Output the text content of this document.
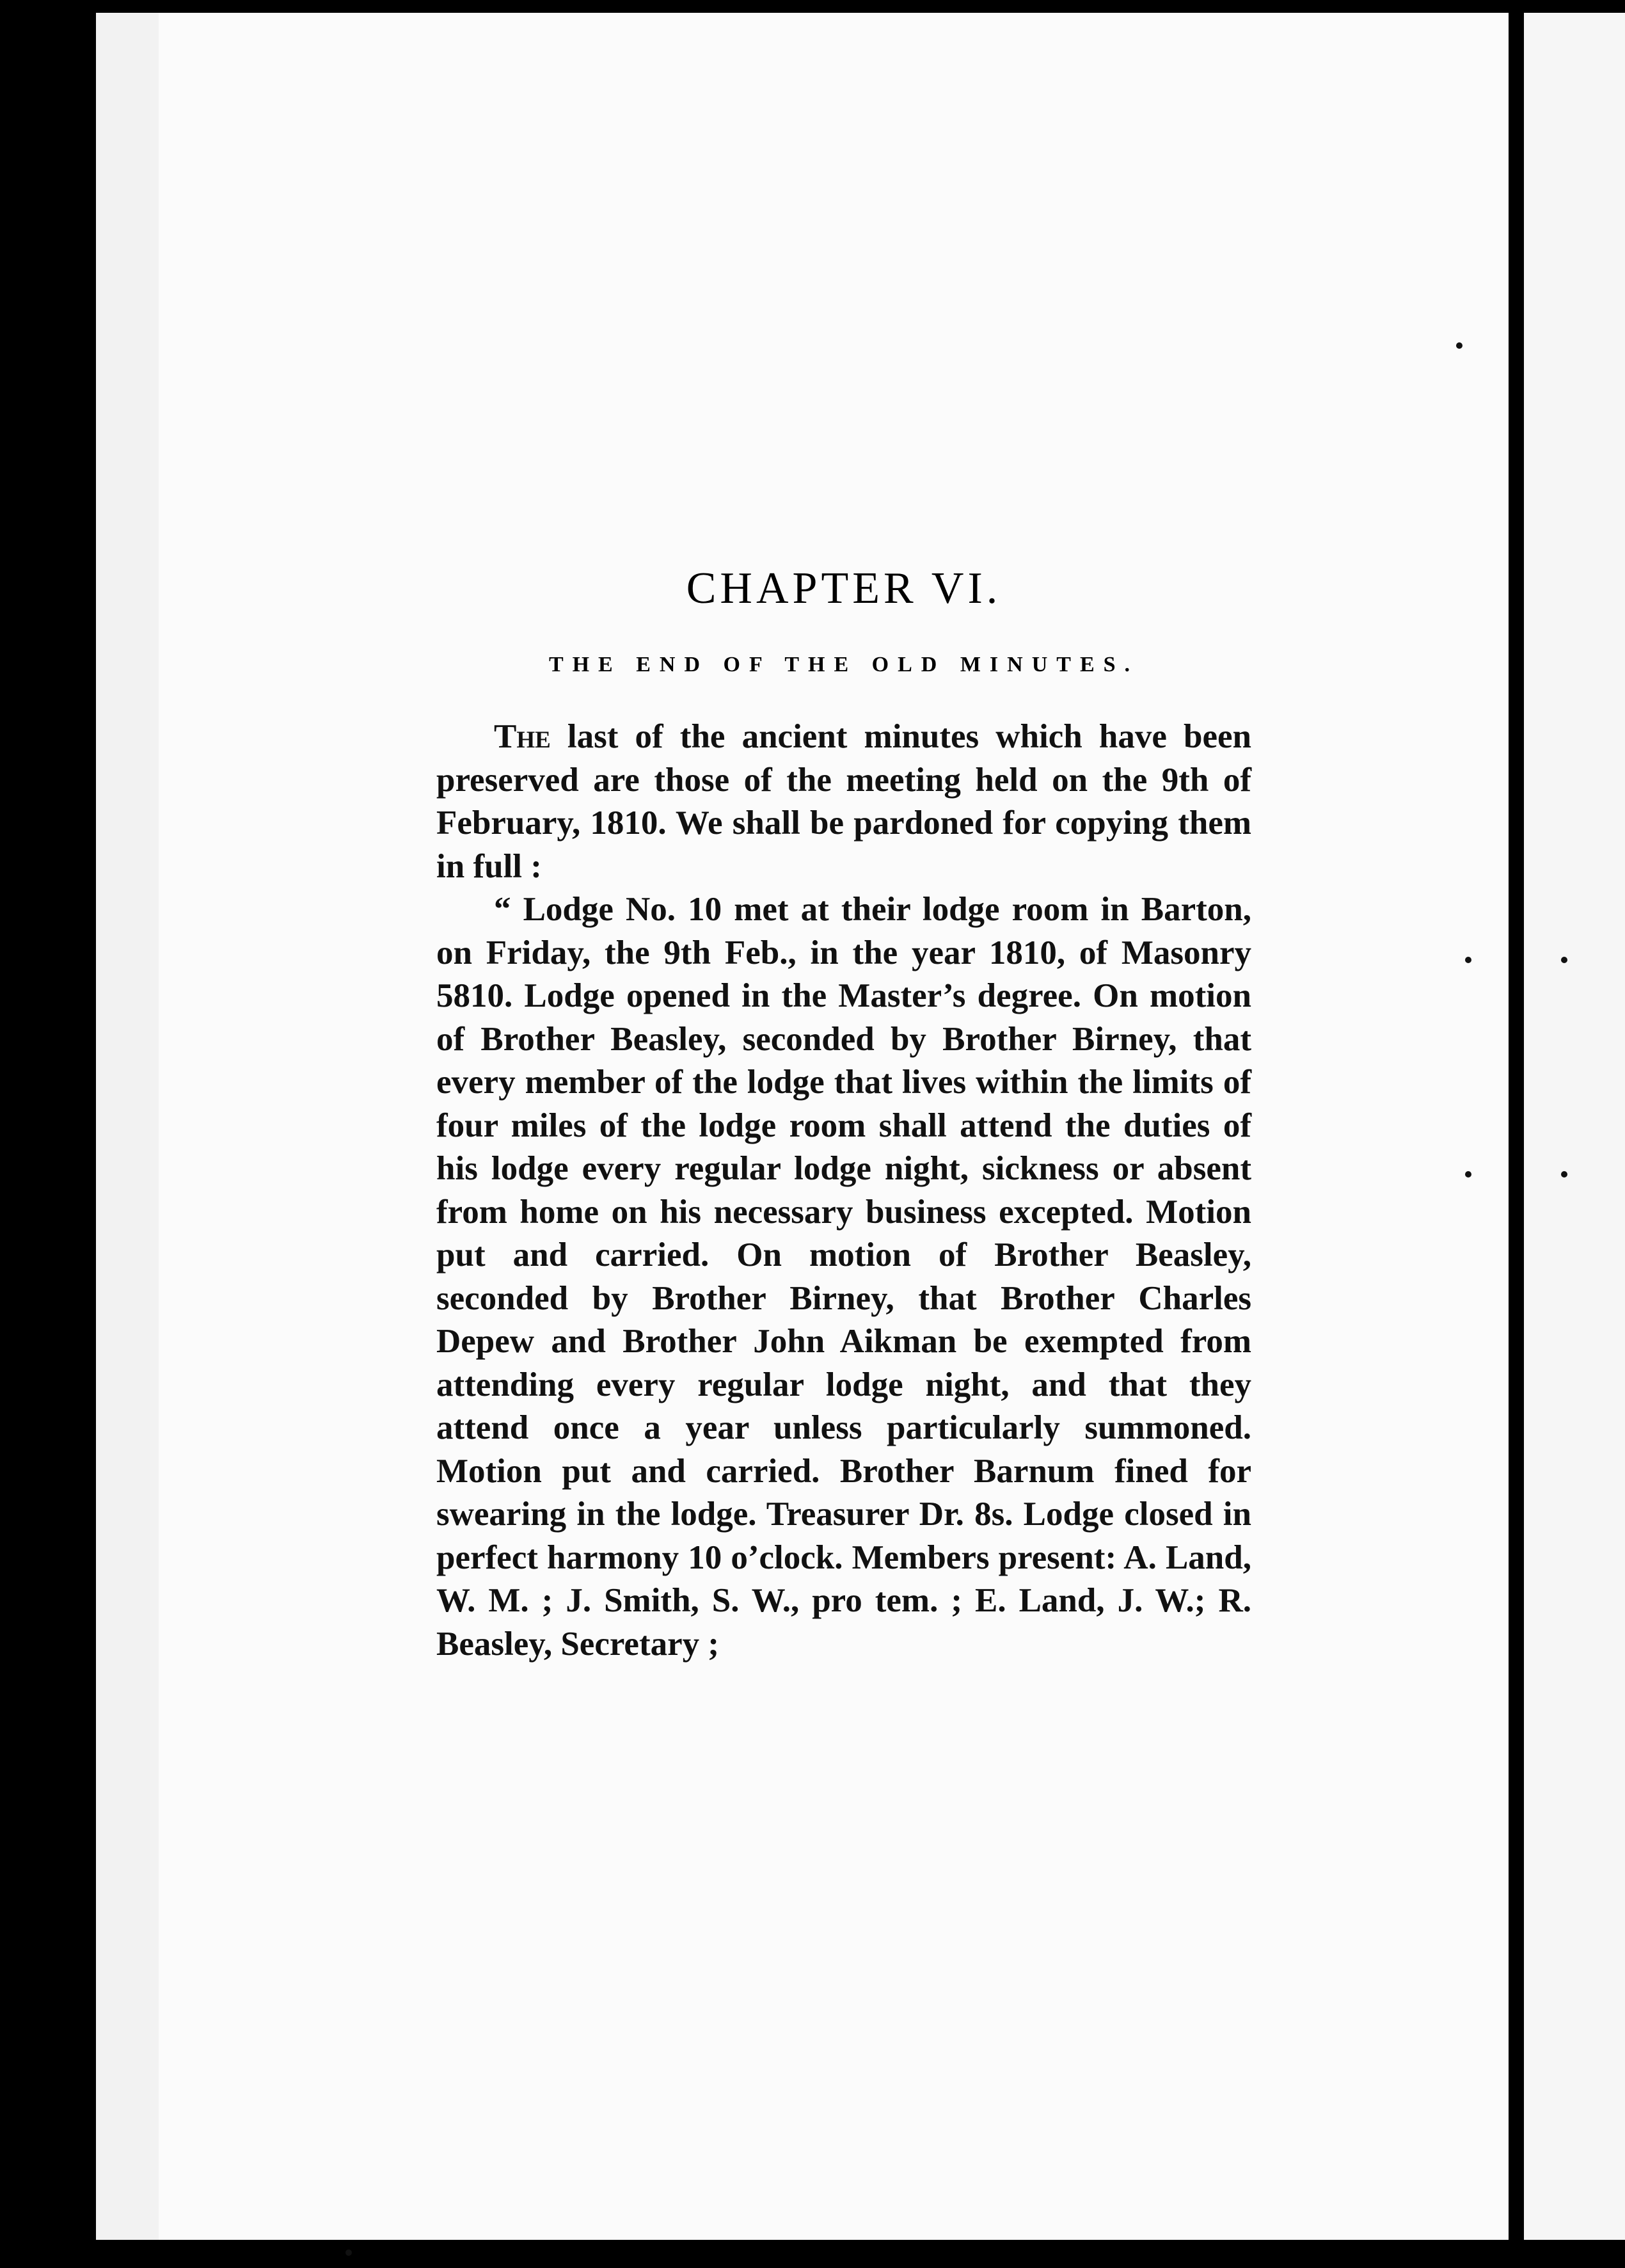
CHAPTER VI.
THE END OF THE OLD MINUTES.

The last of the ancient minutes which have been preserved are those of the meeting held on the 9th of February, 1810. We shall be pardoned for copying them in full :

“ Lodge No. 10 met at their lodge room in Barton, on Friday, the 9th Feb., in the year 1810, of Masonry 5810. Lodge opened in the Master’s degree. On motion of Brother Beasley, seconded by Brother Birney, that every member of the lodge that lives within the limits of four miles of the lodge room shall attend the duties of his lodge every regular lodge night, sickness or absent from home on his necessary business excepted. Motion put and carried. On motion of Brother Beasley, seconded by Brother Birney, that Brother Charles Depew and Brother John Aikman be exempted from attending every regular lodge night, and that they attend once a year unless particularly summoned. Motion put and carried. Brother Barnum fined for swearing in the lodge. Treasurer Dr. 8s. Lodge closed in perfect harmony 10 o’clock. Members present: A. Land, W. M. ; J. Smith, S. W., pro tem. ; E. Land, J. W.; R. Beasley, Secretary ;
